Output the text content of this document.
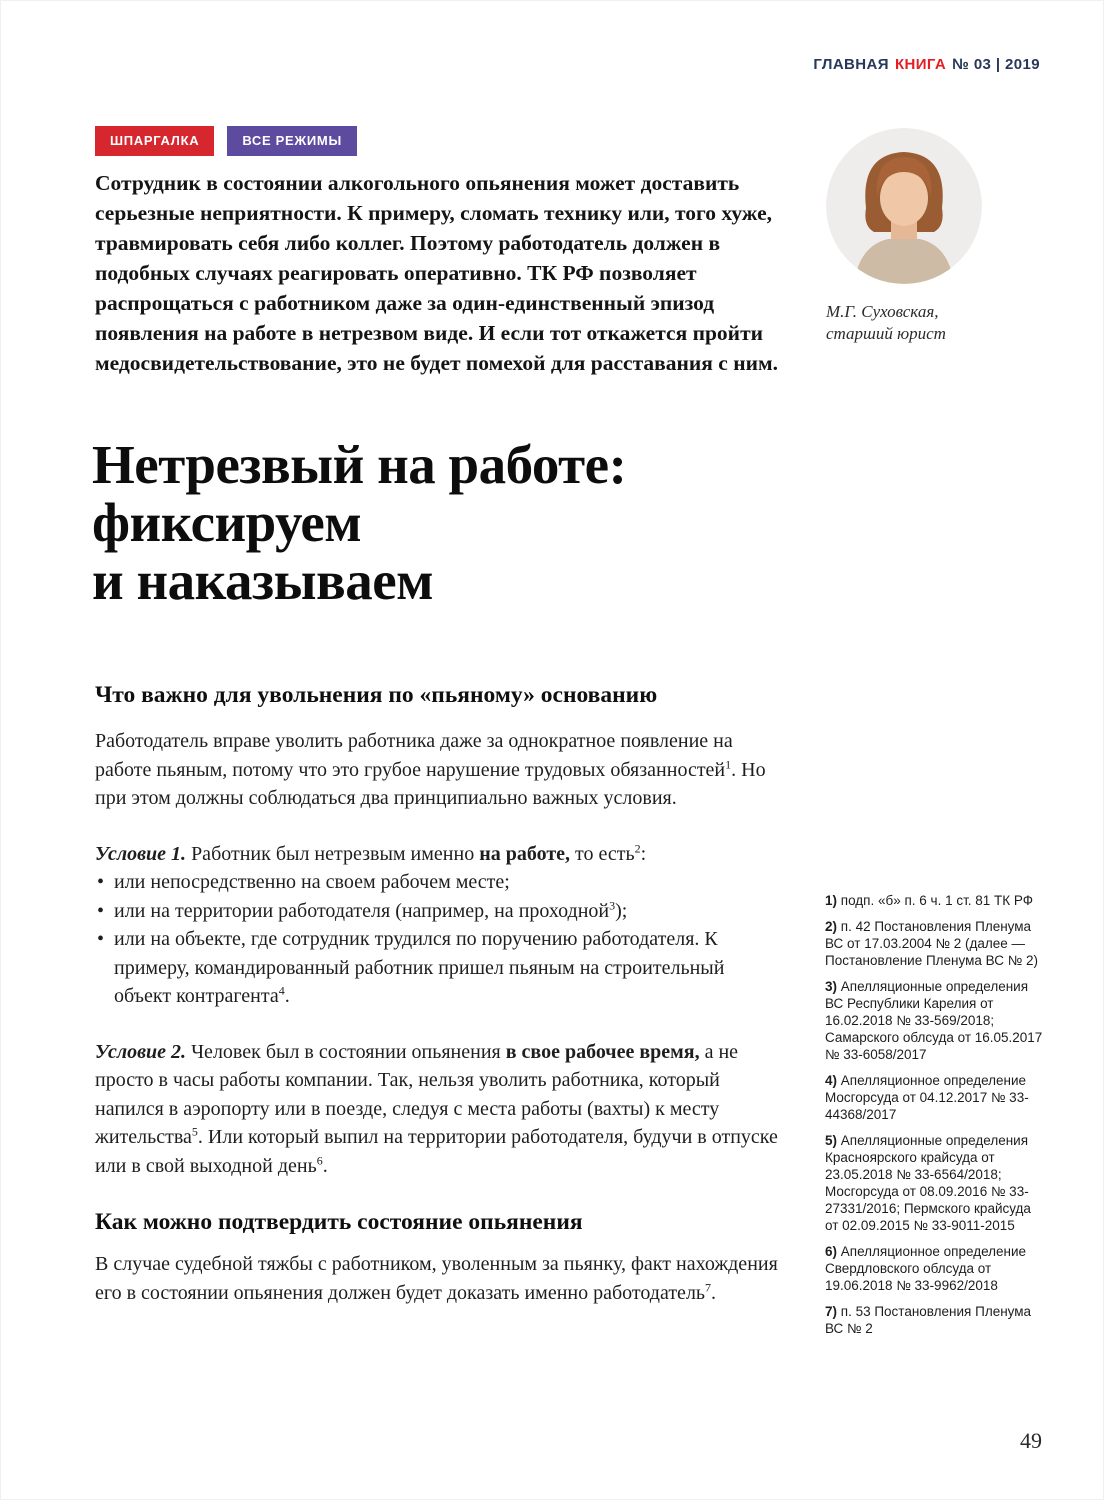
ГЛАВНАЯ КНИГА № 03 | 2019
ШПАРГАЛКА	ВСЕ РЕЖИМЫ
Сотрудник в состоянии алкогольного опьянения может доставить серьезные неприятности. К примеру, сломать технику или, того хуже, травмировать себя либо коллег. Поэтому работодатель должен в подобных случаях реагировать оперативно. ТК РФ позволяет распрощаться с работником даже за один-единственный эпизод появления на работе в нетрезвом виде. И если тот откажется пройти медосвидетельствование, это не будет помехой для расставания с ним.
М.Г. Суховская,
старший юрист
Нетрезвый на работе:
фиксируем
и наказываем
Что важно для увольнения по «пьяному» основанию

Работодатель вправе уволить работника даже за однократное появление на работе пьяным, потому что это грубое нарушение трудовых обязанностей$^1$. Но при этом должны соблюдаться два принципиально важных условия.

Условие 1. Работник был нетрезвым именно на работе, то есть$^2$:

• или непосредственно на своем рабочем месте;
• или на территории работодателя (например, на проходной$^3$);
• или на объекте, где сотрудник трудился по поручению работодателя. К примеру, командированный работник пришел пьяным на строительный объект контрагента$^4$.

Условие 2. Человек был в состоянии опьянения в свое рабочее время, а не просто в часы работы компании. Так, нельзя уволить работника, который напился в аэропорту или в поезде, следуя с места работы (вахты) к месту жительства$^5$. Или который выпил на территории работодателя, будучи в отпуске или в свой выходной день$^6$.

Как можно подтвердить состояние опьянения

В случае судебной тяжбы с работником, уволенным за пьянку, факт нахождения его в состоянии опьянения должен будет доказать именно работодатель$^7$.

1) подп. «б» п. 6 ч. 1 ст. 81 ТК РФ
2) п. 42 Постановления Пленума ВС от 17.03.2004 № 2 (далее — Постановление Пленума ВС № 2)
3) Апелляционные определения ВС Республики Карелия от 16.02.2018 № 33-569/2018; Самарского облсуда от 16.05.2017 № 33-6058/2017
4) Апелляционное определение Мосгорсуда от 04.12.2017 № 33-44368/2017
5) Апелляционные определения Красноярского крайсуда от 23.05.2018 № 33-6564/2018; Мосгорсуда от 08.09.2016 № 33-27331/2016; Пермского крайсуда от 02.09.2015 № 33-9011-2015
6) Апелляционное определение Свердловского облсуда от 19.06.2018 № 33-9962/2018
7) п. 53 Постановления Пленума ВС № 2
49
